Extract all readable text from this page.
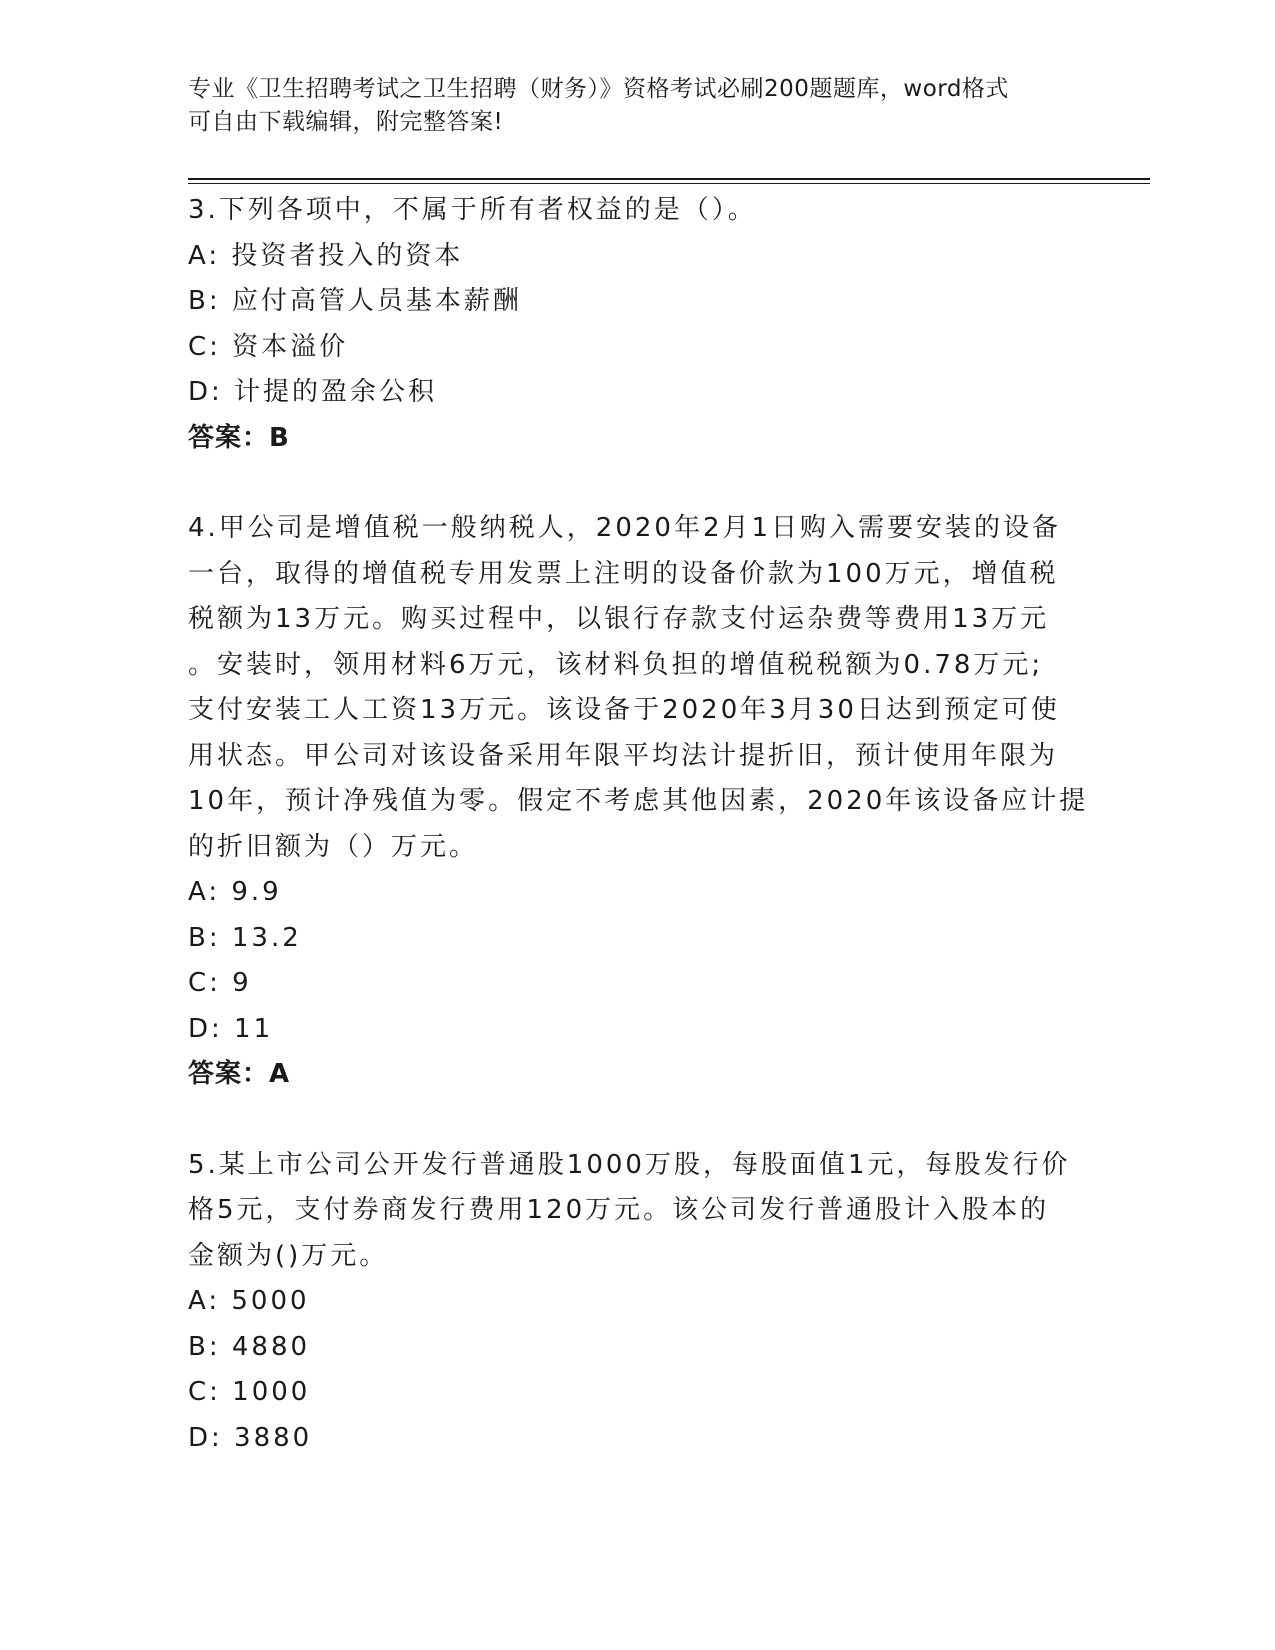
专业《卫生招聘考试之卫生招聘（财务）》资格考试必刷200题题库，word格式
可自由下载编辑，附完整答案!
3.下列各项中，不属于所有者权益的是（）。
A: 投资者投入的资本
B: 应付高管人员基本薪酬
C: 资本溢价
D: 计提的盈余公积
答案：B
4.甲公司是增值税一般纳税人，2020年2月1日购入需要安装的设备
一台，取得的增值税专用发票上注明的设备价款为100万元，增值税
税额为13万元。购买过程中，以银行存款支付运杂费等费用13万元
。安装时，领用材料6万元，该材料负担的增值税税额为0.78万元;
支付安装工人工资13万元。该设备于2020年3月30日达到预定可使
用状态。甲公司对该设备采用年限平均法计提折旧，预计使用年限为
10年，预计净残值为零。假定不考虑其他因素，2020年该设备应计提
的折旧额为（）万元。
A: 9.9
B: 13.2
C: 9
D: 11
答案：A
5.某上市公司公开发行普通股1000万股，每股面值1元，每股发行价
格5元，支付券商发行费用120万元。该公司发行普通股计入股本的
金额为()万元。
A: 5000
B: 4880
C: 1000
D: 3880
